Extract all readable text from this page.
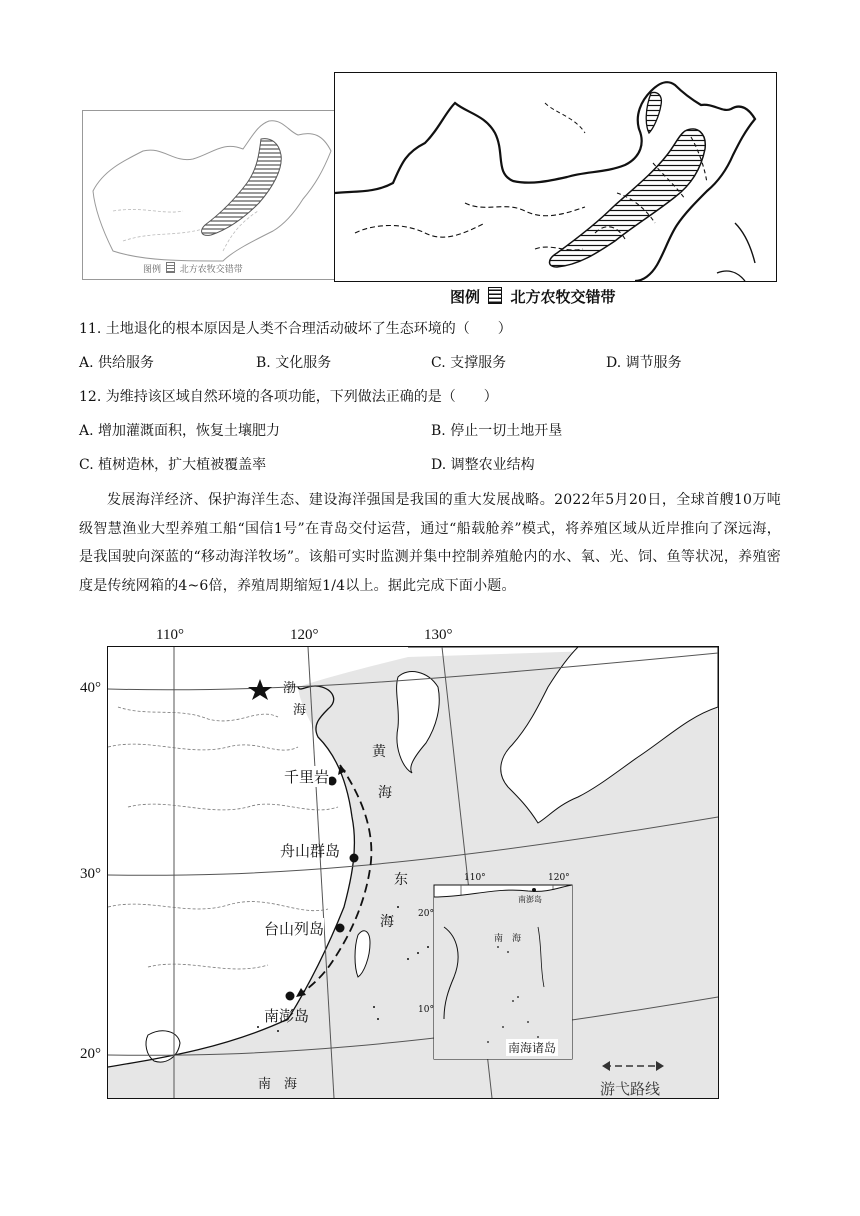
图例 北方农牧交错带
图例 北方农牧交错带
11. 土地退化的根本原因是人类不合理活动破坏了生态环境的（　　）
A. 供给服务	B. 文化服务	C. 支撑服务	D. 调节服务
12. 为维持该区域自然环境的各项功能，下列做法正确的是（　　）
A. 增加灌溉面积，恢复土壤肥力	B. 停止一切土地开垦
C. 植树造林，扩大植被覆盖率	D. 调整农业结构
发展海洋经济、保护海洋生态、建设海洋强国是我国的重大发展战略。2022年5月20日，全球首艘10万吨级智慧渔业大型养殖工船“国信1号”在青岛交付运营，通过“船载舱养”模式，将养殖区域从近岸推向了深远海，是我国驶向深蓝的“移动海洋牧场”。该船可实时监测并集中控制养殖舱内的水、氧、光、饲、鱼等状况，养殖密度是传统网箱的4~6倍，养殖周期缩短1/4以上。据此完成下面小题。
110°	120°	130°
40°
30°
20°
渤
海
黄
海
东
海
南　海
千里岩
舟山群岛
台山列岛
南澎岛
110°	120°
20°
10°
南澎岛
南　海
南海诸岛
游弋路线
